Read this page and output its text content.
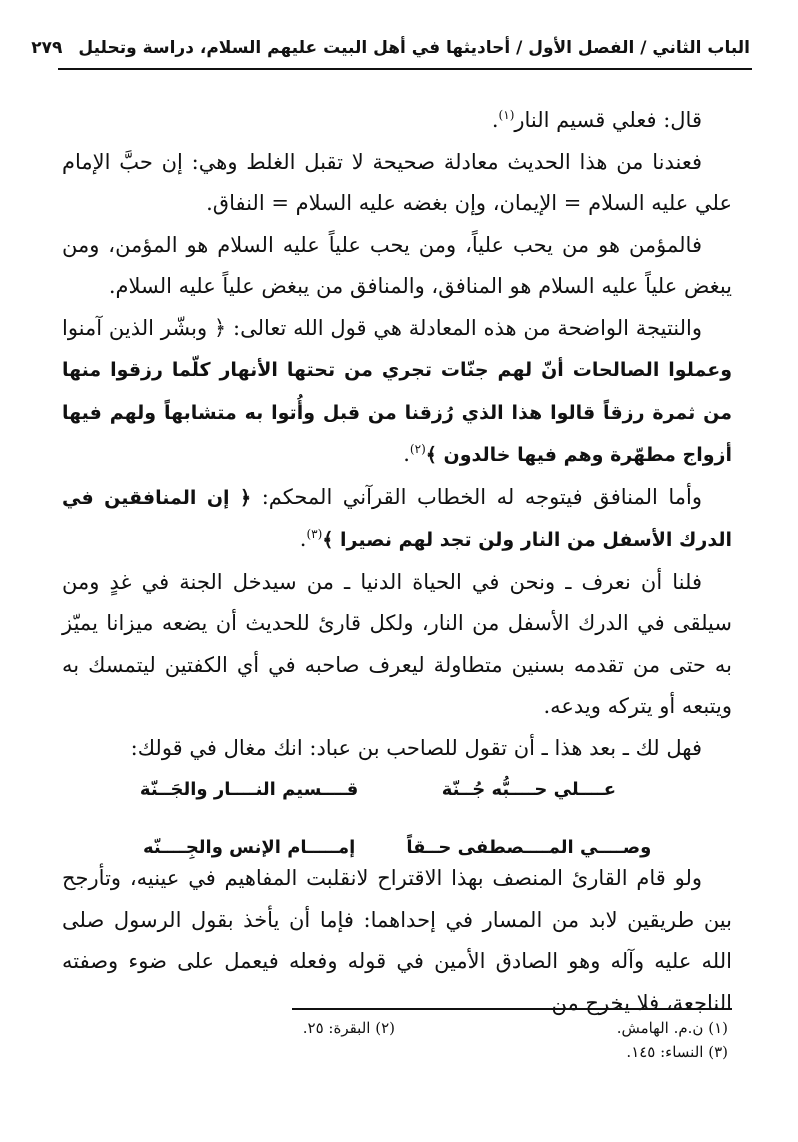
الباب الثاني / الفصل الأول / أحاديثها في أهل البيت عليهم السلام، دراسة وتحليل
٢٧٩

قال: فعلي قسيم النار$^{(١)}$.

فعندنا من هذا الحديث معادلة صحيحة لا تقبل الغلط وهي: إن حبَّ الإمام علي عليه السلام = الإيمان، وإن بغضه عليه السلام = النفاق.

فالمؤمن هو من يحب علياً، ومن يحب علياً عليه السلام هو المؤمن، ومن يبغض علياً عليه السلام هو المنافق، والمنافق من يبغض علياً عليه السلام.

والنتيجة الواضحة من هذه المعادلة هي قول الله تعالى: ﴿ وبشّر الذين آمنوا وعملوا الصالحات أنّ لهم جنّات تجري من تحتها الأنهار كلّما رزقوا منها من ثمرة رزقاً قالوا هذا الذي رُزقنا من قبل وأُتوا به متشابهاً ولهم فيها أزواج مطهّرة وهم فيها خالدون ﴾$^{(٢)}$.

وأما المنافق فيتوجه له الخطاب القرآني المحكم: ﴿ إن المنافقين في الدرك الأسفل من النار ولن تجد لهم نصيرا ﴾$^{(٣)}$.

فلنا أن نعرف ـ ونحن في الحياة الدنيا ـ من سيدخل الجنة في غدٍ ومن سيلقى في الدرك الأسفل من النار، ولكل قارئ للحديث أن يضعه ميزانا يميّز به حتى من تقدمه بسنين متطاولة ليعرف صاحبه في أي الكفتين ليتمسك به ويتبعه أو يتركه ويدعه.

فهل لك ـ بعد هذا ـ أن تقول للصاحب بن عباد: انك مغال في قولك:

عــــلي حــــبُّه جُــنّة
قــــسيم النــــار والجَــنّة
وصــــي المــــصطفى حــقاً
إمـــــام الإنس والجِــــنّه

ولو قام القارئ المنصف بهذا الاقتراح لانقلبت المفاهيم في عينيه، وتأرجح بين طريقين لابد من المسار في إحداهما: فإما أن يأخذ بقول الرسول صلى الله عليه وآله وهو الصادق الأمين في قوله وفعله فيعمل على ضوء وصفته الناجعة، فلا يخرج من

(١) ن.م. الهامش.
(٢) البقرة: ٢٥.
(٣) النساء: ١٤٥.
